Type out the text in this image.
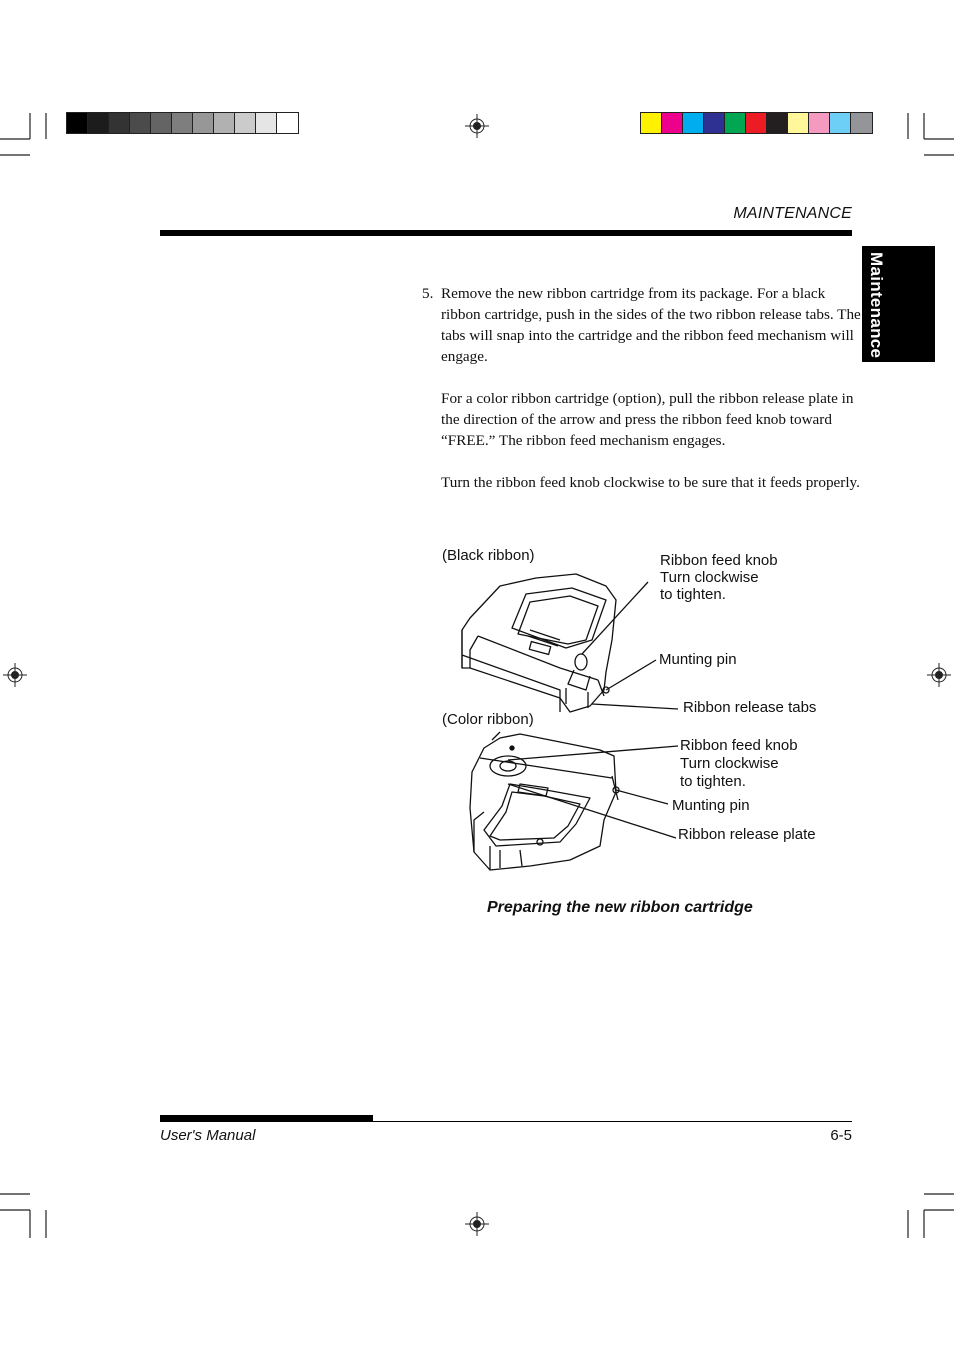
MAINTENANCE
Maintenance
5. Remove the new ribbon cartridge from its package. For a black ribbon cartridge, push in the sides of the two ribbon release tabs. The tabs will snap into the cartridge and the ribbon feed mechanism will engage.

For a color ribbon cartridge (option), pull the ribbon release plate in the direction of the arrow and press the ribbon feed knob toward “FREE.” The ribbon feed mechanism engages.

Turn the ribbon feed knob clockwise to be sure that it feeds properly.

(Black ribbon)	Ribbon feed knob
Turn clockwise
to tighten.
Munting pin
Ribbon release tabs
(Color ribbon)
Ribbon feed knob
Turn clockwise
to tighten.
Munting pin
Ribbon release plate
Preparing the new ribbon cartridge
User's Manual	6-5
